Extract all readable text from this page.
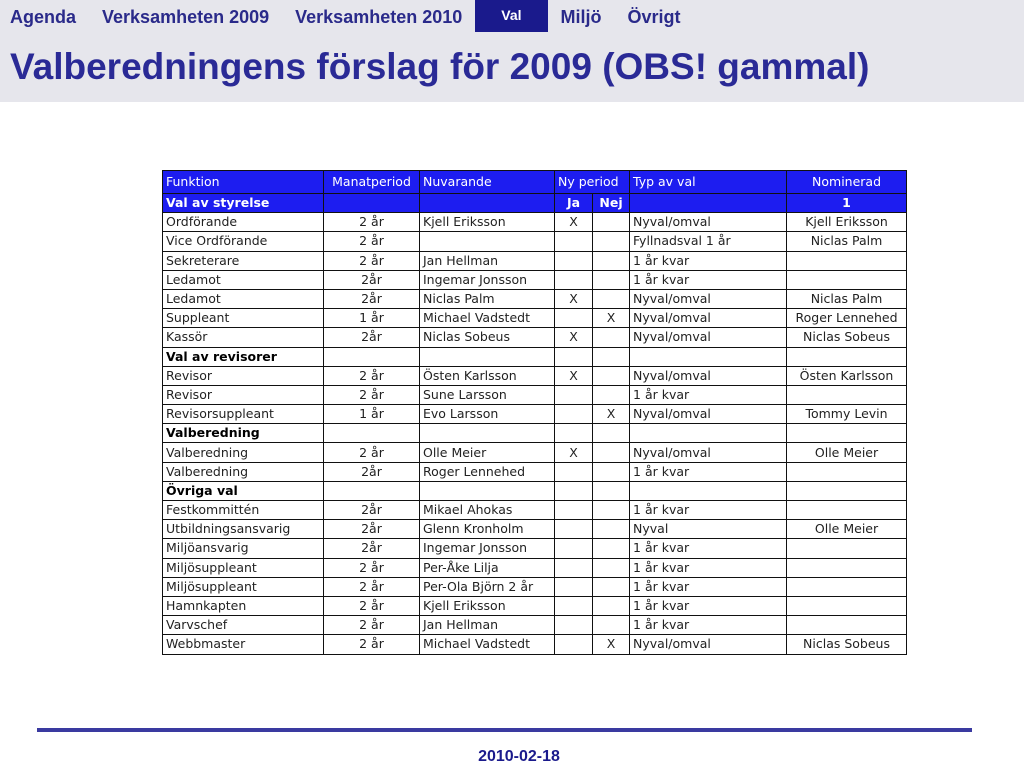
Agenda	Verksamheten 2009	Verksamheten 2010	Val	Miljö	Övrigt
Valberedningens förslag för 2009 (OBS! gammal)
Funktion	Manatperiod	Nuvarande	Ny period		Typ av val	Nominerad
Val av styrelse			Ja	Nej		1
Ordförande	2 år	Kjell Eriksson	X		Nyval/omval	Kjell Eriksson
Vice Ordförande	2 år				Fyllnadsval 1 år	Niclas Palm
Sekreterare	2 år	Jan Hellman			1 år kvar	
Ledamot	2år	Ingemar Jonsson			1 år kvar	
Ledamot	2år	Niclas Palm	X		Nyval/omval	Niclas Palm
Suppleant	1 år	Michael Vadstedt		X	Nyval/omval	Roger Lennehed
Kassör	2år	Niclas Sobeus	X		Nyval/omval	Niclas Sobeus
Val av revisorer						
Revisor	2 år	Östen Karlsson	X		Nyval/omval	Östen Karlsson
Revisor	2 år	Sune Larsson			1 år kvar	
Revisorsuppleant	1 år	Evo Larsson		X	Nyval/omval	Tommy Levin
Valberedning						
Valberedning	2 år	Olle Meier	X		Nyval/omval	Olle Meier
Valberedning	2år	Roger Lennehed			1 år kvar	
Övriga val						
Festkommittén	2år	Mikael Ahokas			1 år kvar	
Utbildningsansvarig	2år	Glenn Kronholm			Nyval	Olle Meier
Miljöansvarig	2år	Ingemar Jonsson			1 år kvar	
Miljösuppleant	2 år	Per-Åke Lilja			1 år kvar	
Miljösuppleant	2 år	Per-Ola Björn 2 år			1 år kvar	
Hamnkapten	2 år	Kjell Eriksson			1 år kvar	
Varvschef	2 år	Jan Hellman			1 år kvar	
Webbmaster	2 år	Michael Vadstedt		X	Nyval/omval	Niclas Sobeus
2010-02-18
